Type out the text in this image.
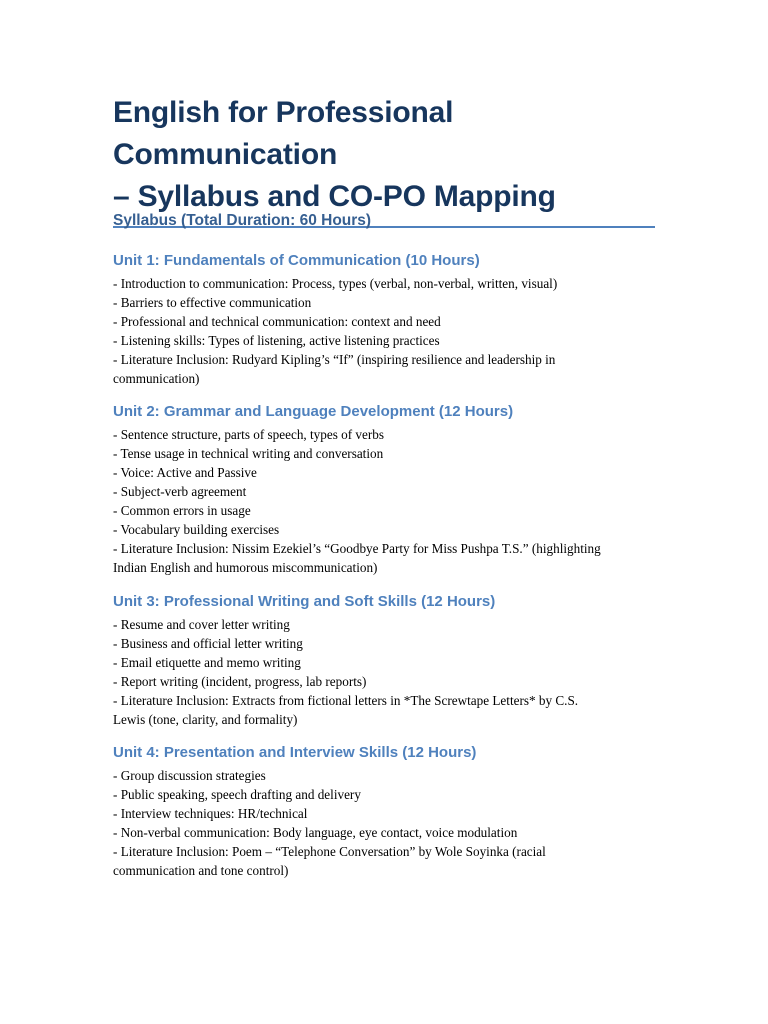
English for Professional Communication
– Syllabus and CO-PO Mapping
Syllabus (Total Duration: 60 Hours)
Unit 1: Fundamentals of Communication (10 Hours)
- Introduction to communication: Process, types (verbal, non-verbal, written, visual)
- Barriers to effective communication
- Professional and technical communication: context and need
- Listening skills: Types of listening, active listening practices
- Literature Inclusion: Rudyard Kipling’s “If” (inspiring resilience and leadership in
communication)
Unit 2: Grammar and Language Development (12 Hours)
- Sentence structure, parts of speech, types of verbs
- Tense usage in technical writing and conversation
- Voice: Active and Passive
- Subject-verb agreement
- Common errors in usage
- Vocabulary building exercises
- Literature Inclusion: Nissim Ezekiel’s “Goodbye Party for Miss Pushpa T.S.” (highlighting
Indian English and humorous miscommunication)
Unit 3: Professional Writing and Soft Skills (12 Hours)
- Resume and cover letter writing
- Business and official letter writing
- Email etiquette and memo writing
- Report writing (incident, progress, lab reports)
- Literature Inclusion: Extracts from fictional letters in *The Screwtape Letters* by C.S.
Lewis (tone, clarity, and formality)
Unit 4: Presentation and Interview Skills (12 Hours)
- Group discussion strategies
- Public speaking, speech drafting and delivery
- Interview techniques: HR/technical
- Non-verbal communication: Body language, eye contact, voice modulation
- Literature Inclusion: Poem – “Telephone Conversation” by Wole Soyinka (racial
communication and tone control)
